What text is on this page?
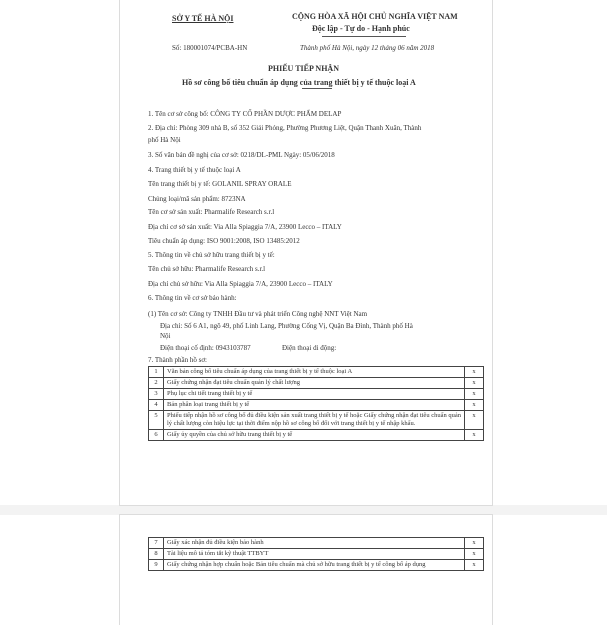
SỞ Y TẾ HÀ NỘI	CỘNG HÒA XÃ HỘI CHỦ NGHĨA VIỆT NAM
Độc lập - Tự do - Hạnh phúc
Số: 180001074/PCBA-HN	Thành phố Hà Nội, ngày 12 tháng 06 năm 2018
PHIẾU TIẾP NHẬN
Hồ sơ công bố tiêu chuẩn áp dụng của trang thiết bị y tế thuộc loại A
1. Tên cơ sở công bố: CÔNG TY CỔ PHẦN DƯỢC PHẨM DELAP
2. Địa chỉ: Phòng 309 nhà B, số 352 Giải Phóng, Phường Phương Liệt, Quận Thanh Xuân, Thành
phố Hà Nội
3. Số văn bản đề nghị của cơ sở: 0218/DL-PML Ngày: 05/06/2018
4. Trang thiết bị y tế thuộc loại A
Tên trang thiết bị y tế: GOLANIL SPRAY ORALE
Chủng loại/mã sản phẩm: 8723NA
Tên cơ sở sản xuất: Pharmalife Research s.r.l
Địa chỉ cơ sở sản xuất: Via Alla Spiaggia 7/A, 23900 Lecco – ITALY
Tiêu chuẩn áp dụng: ISO 9001:2008, ISO 13485:2012
5. Thông tin về chủ sở hữu trang thiết bị y tế:
Tên chủ sở hữu: Pharmalife Research s.r.l
Địa chỉ chủ sở hữu: Via Alla Spiaggia 7/A, 23900 Lecco – ITALY
6. Thông tin về cơ sở bảo hành:
(1) Tên cơ sở: Công ty TNHH Đầu tư và phát triển Công nghệ NNT Việt Nam
Địa chỉ: Số 6 A1, ngõ 49, phố Linh Lang, Phường Cống Vị, Quận Ba Đình, Thành phố Hà
Nội
Điện thoại cố định: 0943103787	Điện thoại di động:
7. Thành phần hồ sơ:
1	Văn bản công bố tiêu chuẩn áp dụng của trang thiết bị y tế thuộc loại A	x
2	Giấy chứng nhận đạt tiêu chuẩn quản lý chất lượng	x
3	Phụ lục chi tiết trang thiết bị y tế	x
4	Bản phân loại trang thiết bị y tế	x
5	Phiếu tiếp nhận hồ sơ công bố đủ điều kiện sản xuất trang thiết bị y tế hoặc Giấy chứng nhận đạt tiêu chuẩn quản lý chất lượng còn hiệu lực tại thời điểm nộp hồ sơ công bố đối với trang thiết bị y tế nhập khẩu.	x
6	Giấy ủy quyền của chủ sở hữu trang thiết bị y tế	x
7	Giấy xác nhận đủ điều kiện bảo hành	x
8	Tài liệu mô tả tóm tắt kỹ thuật TTBYT	x
9	Giấy chứng nhận hợp chuẩn hoặc Bản tiêu chuẩn mà chủ sở hữu trang thiết bị y tế công bố áp dụng	x
